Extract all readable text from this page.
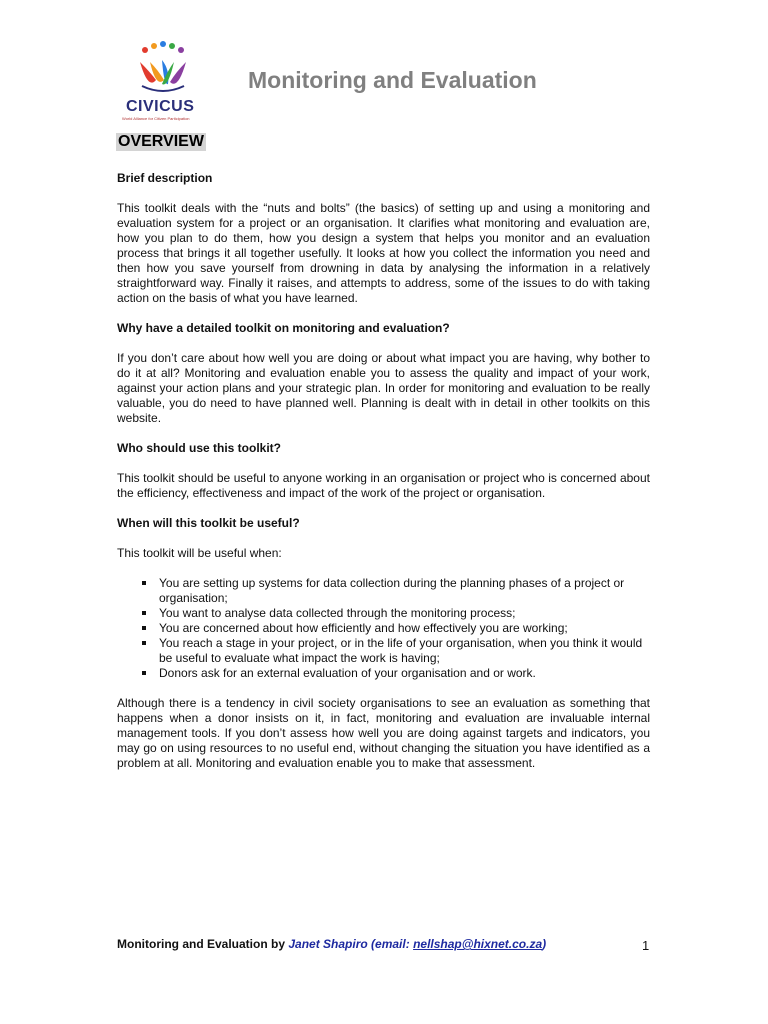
CIVICUS
World Alliance for Citizen Participation
Monitoring and Evaluation
OVERVIEW
Brief description

This toolkit deals with the “nuts and bolts” (the basics) of setting up and using a monitoring and evaluation system for a project or an organisation. It clarifies what monitoring and evaluation are, how you plan to do them, how you design a system that helps you monitor and an evaluation process that brings it all together usefully. It looks at how you collect the information you need and then how you save yourself from drowning in data by analysing the information in a relatively straightforward way. Finally it raises, and attempts to address, some of the issues to do with taking action on the basis of what you have learned.

Why have a detailed toolkit on monitoring and evaluation?

If you don’t care about how well you are doing or about what impact you are having, why bother to do it at all? Monitoring and evaluation enable you to assess the quality and impact of your work, against your action plans and your strategic plan. In order for monitoring and evaluation to be really valuable, you do need to have planned well. Planning is dealt with in detail in other toolkits on this website.

Who should use this toolkit?

This toolkit should be useful to anyone working in an organisation or project who is concerned about the efficiency, effectiveness and impact of the work of the project or organisation.

When will this toolkit be useful?

This toolkit will be useful when:

You are setting up systems for data collection during the planning phases of a project or organisation;
You want to analyse data collected through the monitoring process;
You are concerned about how efficiently and how effectively you are working;
You reach a stage in your project, or in the life of your organisation, when you think it would be useful to evaluate what impact the work is having;
Donors ask for an external evaluation of your organisation and or work.

Although there is a tendency in civil society organisations to see an evaluation as something that happens when a donor insists on it, in fact, monitoring and evaluation are invaluable internal management tools. If you don’t assess how well you are doing against targets and indicators, you may go on using resources to no useful end, without changing the situation you have identified as a problem at all. Monitoring and evaluation enable you to make that assessment.

Monitoring and Evaluation by Janet Shapiro (email: nellshap@hixnet.co.za)	1
